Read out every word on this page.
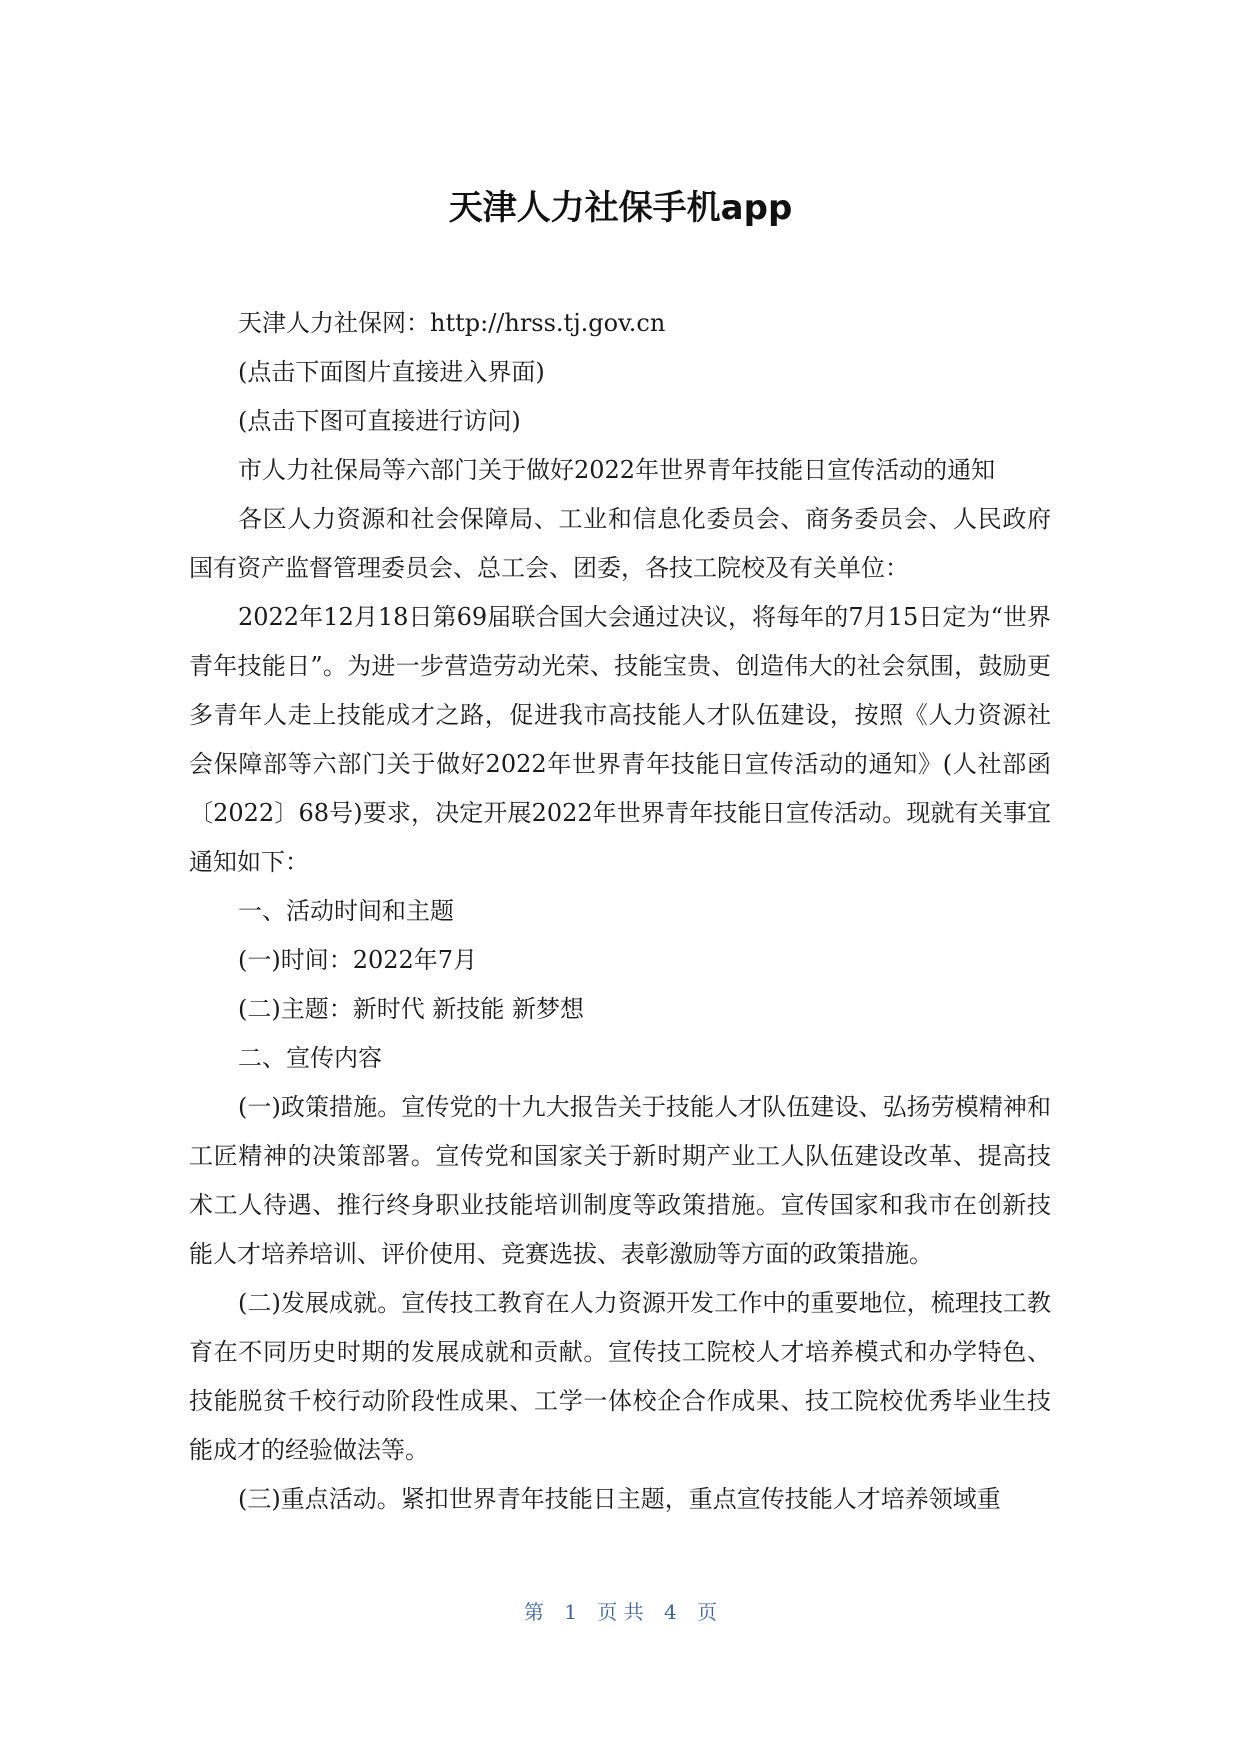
天津人力社保手机app

天津人力社保网：http://hrss.tj.gov.cn

(点击下面图片直接进入界面)

(点击下图可直接进行访问)

市人力社保局等六部门关于做好2022年世界青年技能日宣传活动的通知

各区人力资源和社会保障局、工业和信息化委员会、商务委员会、人民政府国有资产监督管理委员会、总工会、团委，各技工院校及有关单位：

2022年12月18日第69届联合国大会通过决议，将每年的7月15日定为“世界青年技能日”。为进一步营造劳动光荣、技能宝贵、创造伟大的社会氛围，鼓励更多青年人走上技能成才之路，促进我市高技能人才队伍建设，按照《人力资源社会保障部等六部门关于做好2022年世界青年技能日宣传活动的通知》(人社部函〔2022〕68号)要求，决定开展2022年世界青年技能日宣传活动。现就有关事宜通知如下：

一、活动时间和主题

(一)时间：2022年7月

(二)主题：新时代 新技能 新梦想

二、宣传内容

(一)政策措施。宣传党的十九大报告关于技能人才队伍建设、弘扬劳模精神和工匠精神的决策部署。宣传党和国家关于新时期产业工人队伍建设改革、提高技术工人待遇、推行终身职业技能培训制度等政策措施。宣传国家和我市在创新技能人才培养培训、评价使用、竞赛选拔、表彰激励等方面的政策措施。

(二)发展成就。宣传技工教育在人力资源开发工作中的重要地位，梳理技工教育在不同历史时期的发展成就和贡献。宣传技工院校人才培养模式和办学特色、技能脱贫千校行动阶段性成果、工学一体校企合作成果、技工院校优秀毕业生技能成才的经验做法等。

(三)重点活动。紧扣世界青年技能日主题，重点宣传技能人才培养领域重

第 1 页 共 4 页
